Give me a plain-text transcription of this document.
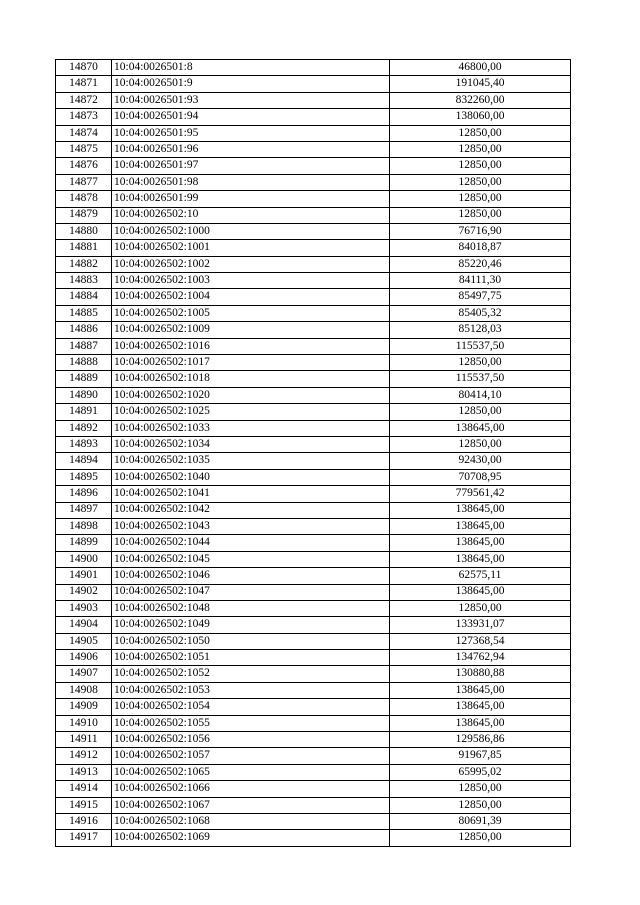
14870	10:04:0026501:8	46800,00
14871	10:04:0026501:9	191045,40
14872	10:04:0026501:93	832260,00
14873	10:04:0026501:94	138060,00
14874	10:04:0026501:95	12850,00
14875	10:04:0026501:96	12850,00
14876	10:04:0026501:97	12850,00
14877	10:04:0026501:98	12850,00
14878	10:04:0026501:99	12850,00
14879	10:04:0026502:10	12850,00
14880	10:04:0026502:1000	76716,90
14881	10:04:0026502:1001	84018,87
14882	10:04:0026502:1002	85220,46
14883	10:04:0026502:1003	84111,30
14884	10:04:0026502:1004	85497,75
14885	10:04:0026502:1005	85405,32
14886	10:04:0026502:1009	85128,03
14887	10:04:0026502:1016	115537,50
14888	10:04:0026502:1017	12850,00
14889	10:04:0026502:1018	115537,50
14890	10:04:0026502:1020	80414,10
14891	10:04:0026502:1025	12850,00
14892	10:04:0026502:1033	138645,00
14893	10:04:0026502:1034	12850,00
14894	10:04:0026502:1035	92430,00
14895	10:04:0026502:1040	70708,95
14896	10:04:0026502:1041	779561,42
14897	10:04:0026502:1042	138645,00
14898	10:04:0026502:1043	138645,00
14899	10:04:0026502:1044	138645,00
14900	10:04:0026502:1045	138645,00
14901	10:04:0026502:1046	62575,11
14902	10:04:0026502:1047	138645,00
14903	10:04:0026502:1048	12850,00
14904	10:04:0026502:1049	133931,07
14905	10:04:0026502:1050	127368,54
14906	10:04:0026502:1051	134762,94
14907	10:04:0026502:1052	130880,88
14908	10:04:0026502:1053	138645,00
14909	10:04:0026502:1054	138645,00
14910	10:04:0026502:1055	138645,00
14911	10:04:0026502:1056	129586,86
14912	10:04:0026502:1057	91967,85
14913	10:04:0026502:1065	65995,02
14914	10:04:0026502:1066	12850,00
14915	10:04:0026502:1067	12850,00
14916	10:04:0026502:1068	80691,39
14917	10:04:0026502:1069	12850,00
